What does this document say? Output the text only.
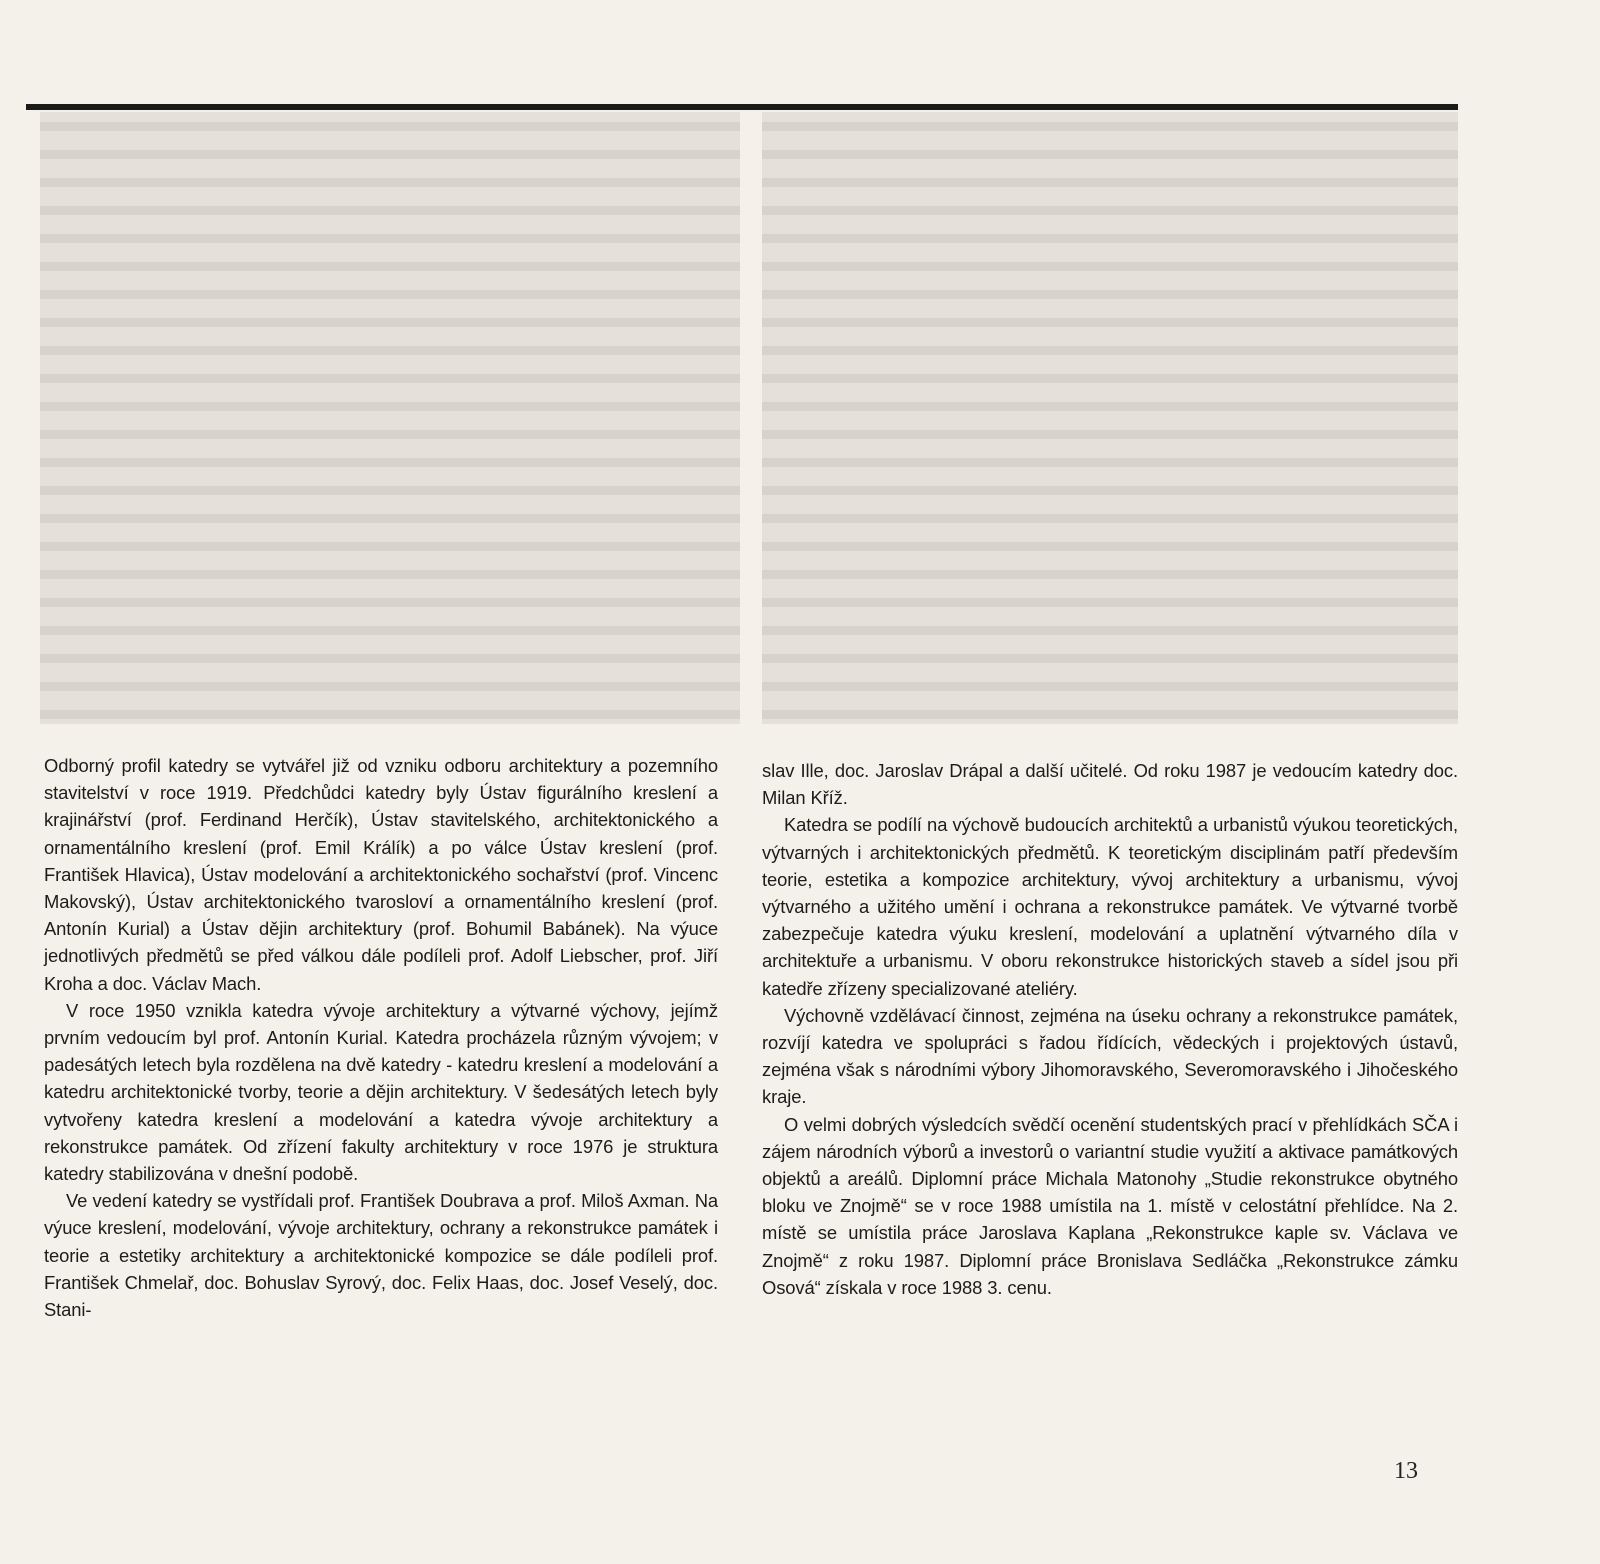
Odborný profil katedry se vytvářel již od vzniku odboru architektury a pozemního stavitelství v roce 1919. Předchůdci katedry byly Ústav figurálního kreslení a krajinářství (prof. Ferdinand Herčík), Ústav stavitelského, architektonického a ornamentálního kreslení (prof. Emil Králík) a po válce Ústav kreslení (prof. František Hlavica), Ústav modelování a architektonického sochařství (prof. Vincenc Makovský), Ústav architektonického tvarosloví a ornamentálního kreslení (prof. Antonín Kurial) a Ústav dějin architektury (prof. Bohumil Babánek). Na výuce jednotlivých předmětů se před válkou dále podíleli prof. Adolf Liebscher, prof. Jiří Kroha a doc. Václav Mach.

V roce 1950 vznikla katedra vývoje architektury a výtvarné výchovy, jejímž prvním vedoucím byl prof. Antonín Kurial. Katedra procházela různým vývojem; v padesátých letech byla rozdělena na dvě katedry - katedru kreslení a modelování a katedru architektonické tvorby, teorie a dějin architektury. V šedesátých letech byly vytvořeny katedra kreslení a modelování a katedra vývoje architektury a rekonstrukce památek. Od zřízení fakulty architektury v roce 1976 je struktura katedry stabilizována v dnešní podobě.

Ve vedení katedry se vystřídali prof. František Doubrava a prof. Miloš Axman. Na výuce kreslení, modelování, vývoje architektury, ochrany a rekonstrukce památek i teorie a estetiky architektury a architektonické kompozice se dále podíleli prof. František Chmelař, doc. Bohuslav Syrový, doc. Felix Haas, doc. Josef Veselý, doc. Stani-

slav Ille, doc. Jaroslav Drápal a další učitelé. Od roku 1987 je vedoucím katedry doc. Milan Kříž.

Katedra se podílí na výchově budoucích architektů a urbanistů výukou teoretických, výtvarných i architektonických předmětů. K teoretickým disciplinám patří především teorie, estetika a kompozice architektury, vývoj architektury a urbanismu, vývoj výtvarného a užitého umění i ochrana a rekonstrukce památek. Ve výtvarné tvorbě zabezpečuje katedra výuku kreslení, modelování a uplatnění výtvarného díla v architektuře a urbanismu. V oboru rekonstrukce historických staveb a sídel jsou při katedře zřízeny specializované ateliéry.

Výchovně vzdělávací činnost, zejména na úseku ochrany a rekonstrukce památek, rozvíjí katedra ve spolupráci s řadou řídících, vědeckých i projektových ústavů, zejména však s národními výbory Jihomoravského, Severomoravského i Jihočeského kraje.

O velmi dobrých výsledcích svědčí ocenění studentských prací v přehlídkách SČA i zájem národních výborů a investorů o variantní studie využití a aktivace památkových objektů a areálů. Diplomní práce Michala Matonohy „Studie rekonstrukce obytného bloku ve Znojmě“ se v roce 1988 umístila na 1. místě v celostátní přehlídce. Na 2. místě se umístila práce Jaroslava Kaplana „Rekonstrukce kaple sv. Václava ve Znojmě“ z roku 1987. Diplomní práce Bronislava Sedláčka „Rekonstrukce zámku Osová“ získala v roce 1988 3. cenu.

13
